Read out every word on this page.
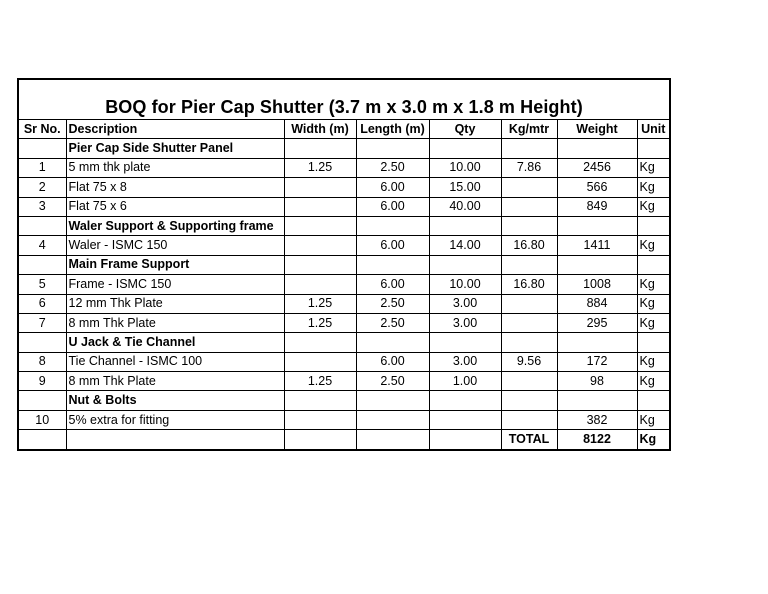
BOQ for Pier Cap Shutter (3.7 m x 3.0 m x 1.8 m Height)
Sr No.	Description	Width (m)	Length (m)	Qty	Kg/mtr	Weight	Unit
	Pier Cap Side Shutter Panel						
1	5 mm thk plate	1.25	2.50	10.00	7.86	2456	Kg
2	Flat 75 x 8		6.00	15.00		566	Kg
3	Flat 75 x 6		6.00	40.00		849	Kg
	Waler Support & Supporting frame						
4	Waler - ISMC 150		6.00	14.00	16.80	1411	Kg
	Main Frame Support						
5	Frame - ISMC 150		6.00	10.00	16.80	1008	Kg
6	12 mm Thk Plate	1.25	2.50	3.00		884	Kg
7	8 mm Thk Plate	1.25	2.50	3.00		295	Kg
	U Jack & Tie Channel						
8	Tie Channel - ISMC 100		6.00	3.00	9.56	172	Kg
9	8 mm Thk Plate	1.25	2.50	1.00		98	Kg
	Nut & Bolts						
10	5% extra for fitting					382	Kg
					TOTAL	8122	Kg
